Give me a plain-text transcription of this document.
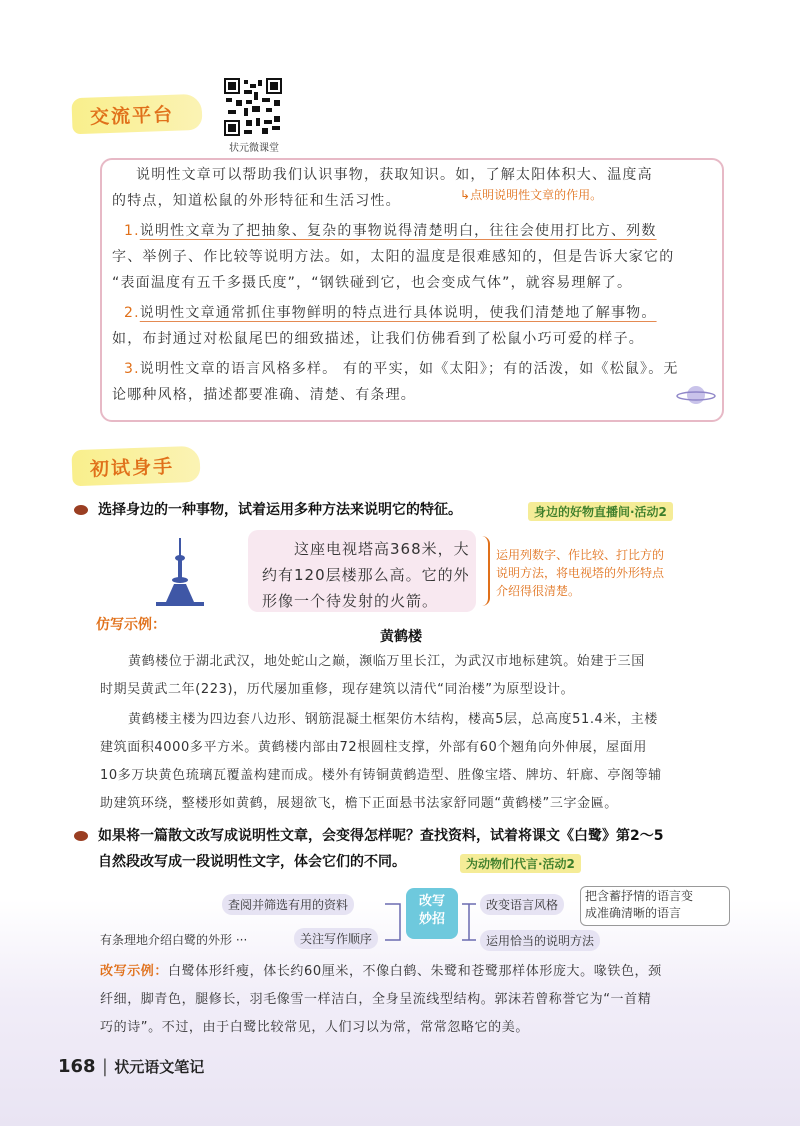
交流平台
状元微课堂
说明性文章可以帮助我们认识事物，获取知识。如，了解太阳体积大、温度高
的特点，知道松鼠的外形特征和生活习性。	↳点明说明性文章的作用。
1.说明性文章为了把抽象、复杂的事物说得清楚明白，往往会使用打比方、列数
字、举例子、作比较等说明方法。如，太阳的温度是很难感知的，但是告诉大家它的
“表面温度有五千多摄氏度”，“钢铁碰到它，也会变成气体”，就容易理解了。
2.说明性文章通常抓住事物鲜明的特点进行具体说明，使我们清楚地了解事物。
如，布封通过对松鼠尾巴的细致描述，让我们仿佛看到了松鼠小巧可爱的样子。
3.说明性文章的语言风格多样。 有的平实，如《太阳》；有的活泼，如《松鼠》。无
论哪种风格，描述都要准确、清楚、有条理。
初试身手
选择身边的一种事物，试着运用多种方法来说明它的特征。	身边的好物直播间·活动2
这座电视塔高368米，大
约有120层楼那么高。它的外
形像一个待发射的火箭。
运用列数字、作比较、打比方的
说明方法，将电视塔的外形特点
介绍得很清楚。
仿写示例：
黄鹤楼
黄鹤楼位于湖北武汉，地处蛇山之巅，濒临万里长江，为武汉市地标建筑。始建于三国
时期吴黄武二年(223)，历代屡加重修，现存建筑以清代“同治楼”为原型设计。
黄鹤楼主楼为四边套八边形、钢筋混凝土框架仿木结构，楼高5层，总高度51.4米，主楼
建筑面积4000多平方米。黄鹤楼内部由72根圆柱支撑，外部有60个翘角向外伸展，屋面用
10多万块黄色琉璃瓦覆盖构建而成。楼外有铸铜黄鹤造型、胜像宝塔、牌坊、轩廊、亭阁等辅
助建筑环绕，整楼形如黄鹤，展翅欲飞，檐下正面悬书法家舒同题“黄鹤楼”三字金匾。
如果将一篇散文改写成说明性文章，会变得怎样呢？查找资料，试着将课文《白鹭》第2～5
自然段改写成一段说明性文字，体会它们的不同。	为动物们代言·活动2
改写
妙招
查阅并筛选有用的资料
有条理地介绍白鹭的外形 ···	关注写作顺序
改变语言风格
运用恰当的说明方法
把含蓄抒情的语言变
成准确清晰的语言
改写示例：白鹭体形纤瘦，体长约60厘米，不像白鹤、朱鹭和苍鹭那样体形庞大。喙铁色，颈
纤细，脚青色，腿修长，羽毛像雪一样洁白，全身呈流线型结构。郭沫若曾称誉它为“一首精
巧的诗”。不过，由于白鹭比较常见，人们习以为常，常常忽略它的美。
168 | 状元语文笔记
